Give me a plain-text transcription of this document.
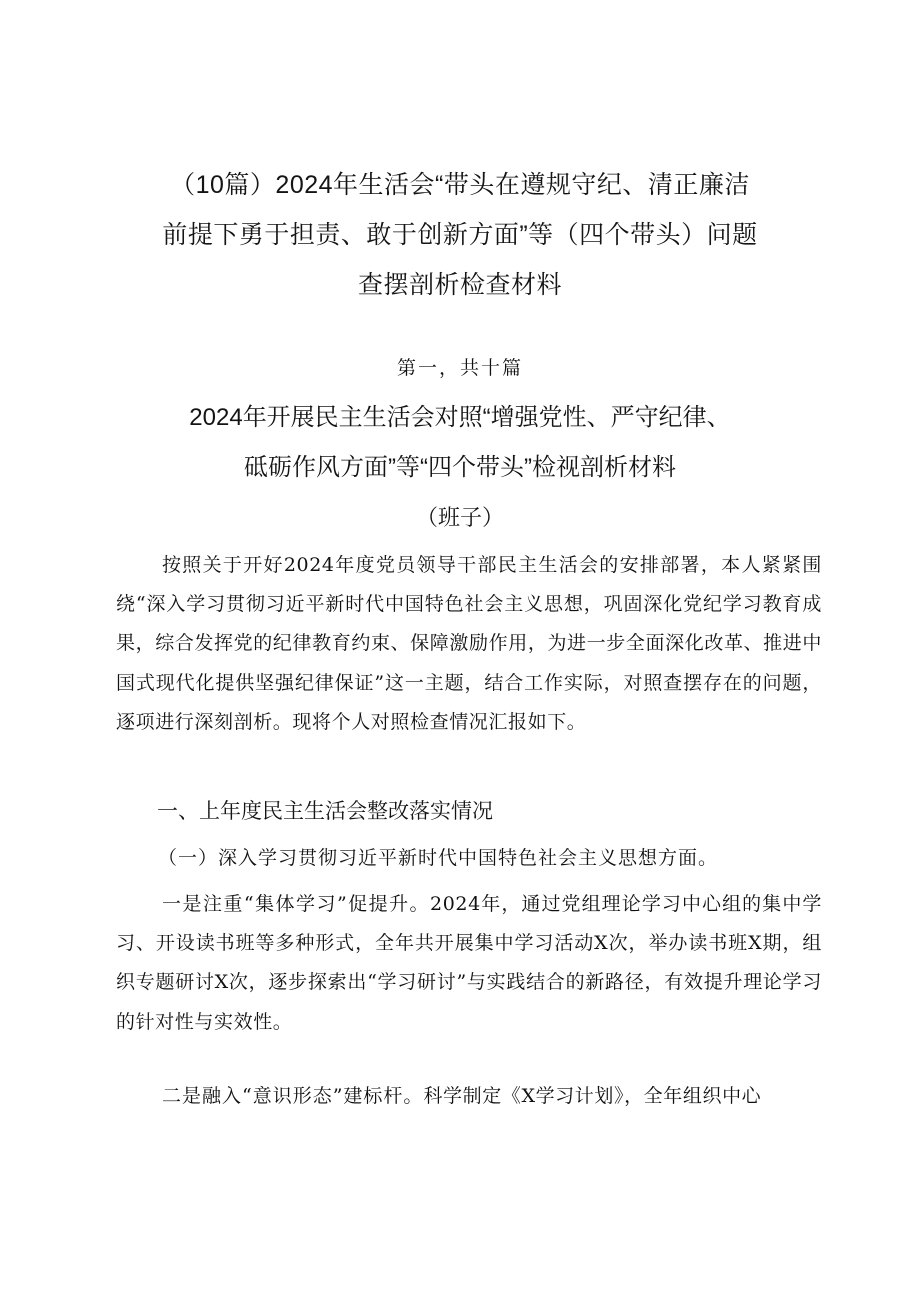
（10篇）2024年生活会“带头在遵规守纪、清正廉洁
前提下勇于担责、敢于创新方面”等（四个带头）问题
查摆剖析检查材料
第一，共十篇
2024年开展民主生活会对照“增强党性、严守纪律、
砥砺作风方面”等“四个带头”检视剖析材料
（班子）

按照关于开好2024年度党员领导干部民主生活会的安排部署，本人紧紧围绕“深入学习贯彻习近平新时代中国特色社会主义思想，巩固深化党纪学习教育成果，综合发挥党的纪律教育约束、保障激励作用，为进一步全面深化改革、推进中国式现代化提供坚强纪律保证”这一主题，结合工作实际，对照查摆存在的问题，逐项进行深刻剖析。现将个人对照检查情况汇报如下。

一、上年度民主生活会整改落实情况
（一）深入学习贯彻习近平新时代中国特色社会主义思想方面。

一是注重“集体学习”促提升。2024年，通过党组理论学习中心组的集中学习、开设读书班等多种形式，全年共开展集中学习活动X次，举办读书班X期，组织专题研讨X次，逐步探索出“学习研讨”与实践结合的新路径，有效提升理论学习的针对性与实效性。

二是融入“意识形态”建标杆。科学制定《X学习计划》，全年组织中心
